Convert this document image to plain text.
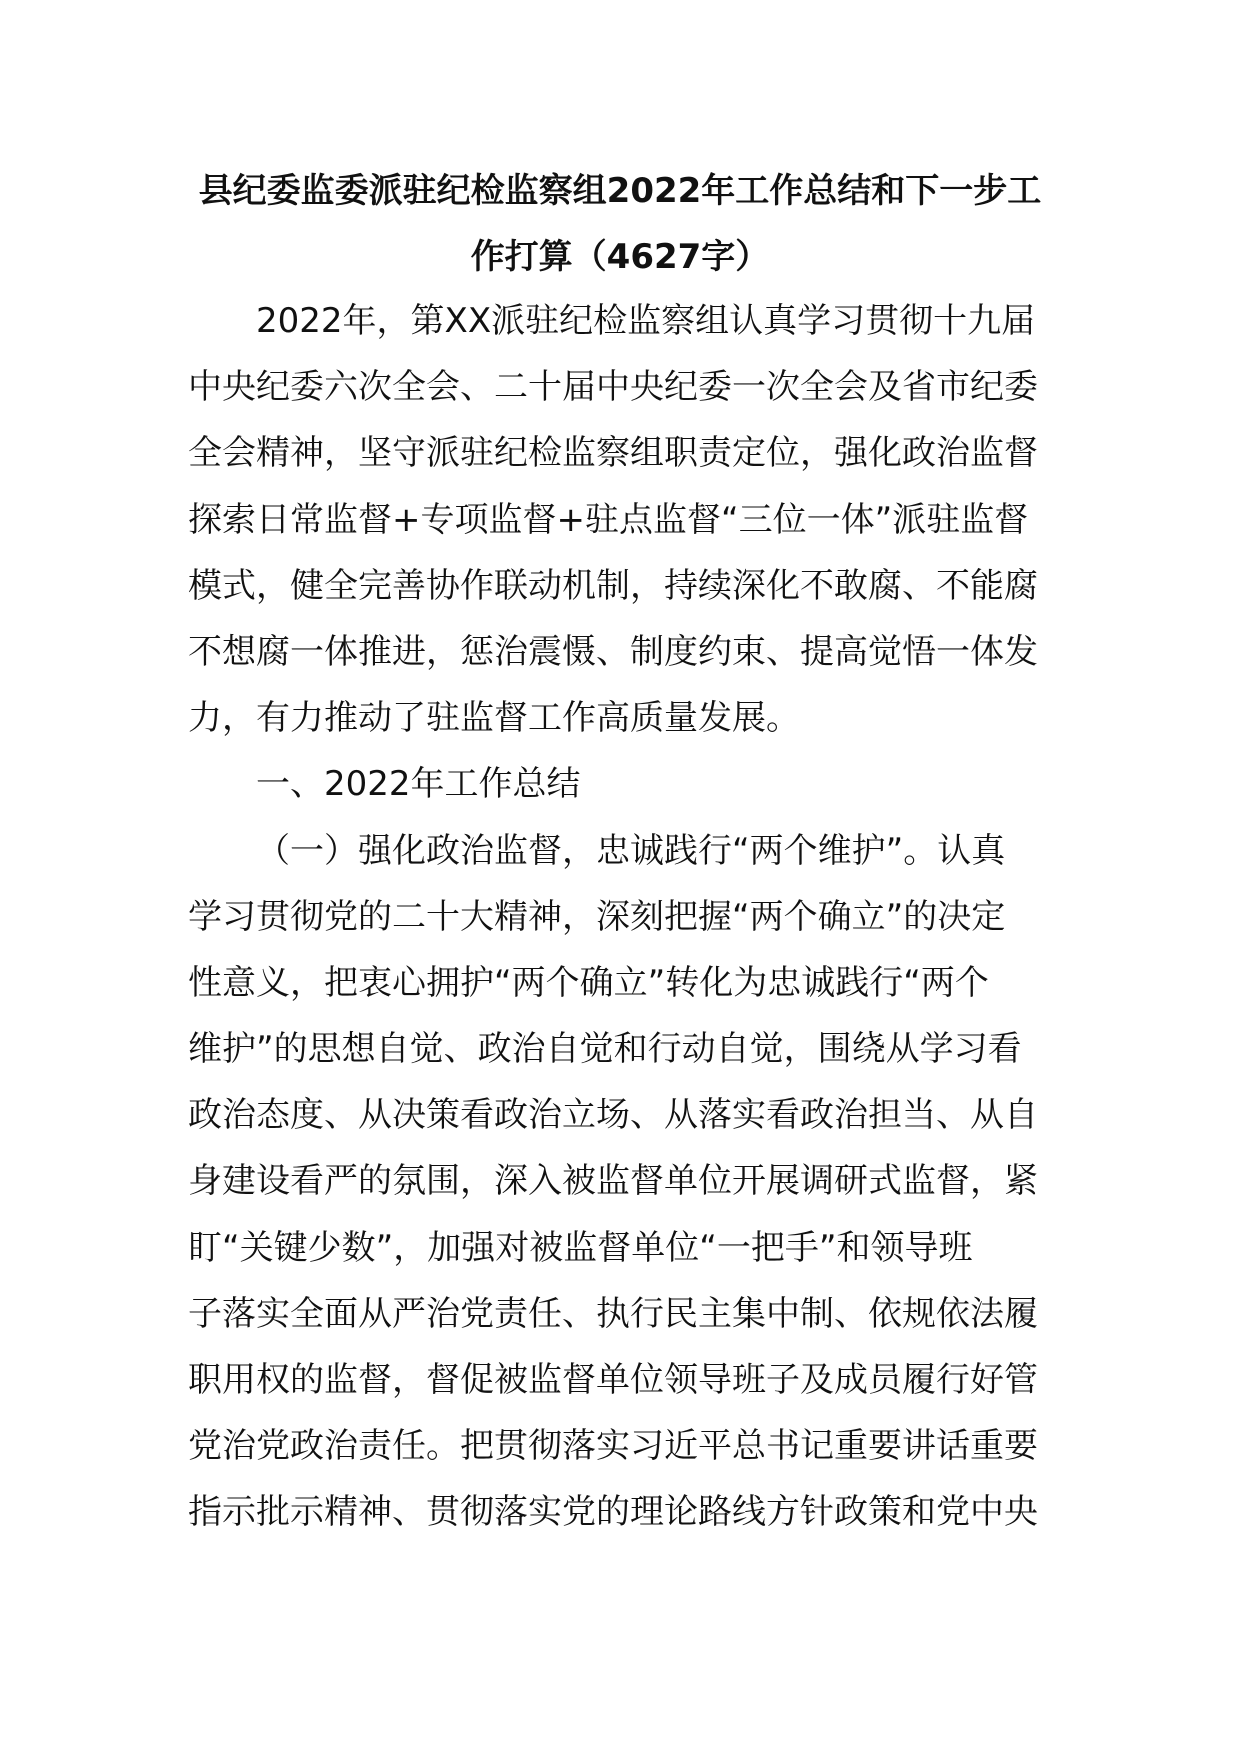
县纪委监委派驻纪检监察组2022年工作总结和下一步工
作打算（4627字）
2022年，第XX派驻纪检监察组认真学习贯彻十九届
中央纪委六次全会、二十届中央纪委一次全会及省市纪委
全会精神，坚守派驻纪检监察组职责定位，强化政治监督
探索日常监督+专项监督+驻点监督“三位一体”派驻监督
模式，健全完善协作联动机制，持续深化不敢腐、不能腐
不想腐一体推进，惩治震慑、制度约束、提高觉悟一体发
力，有力推动了驻监督工作高质量发展。
一、2022年工作总结
（一）强化政治监督，忠诚践行“两个维护”。认真
学习贯彻党的二十大精神，深刻把握“两个确立”的决定
性意义，把衷心拥护“两个确立”转化为忠诚践行“两个
维护”的思想自觉、政治自觉和行动自觉，围绕从学习看
政治态度、从决策看政治立场、从落实看政治担当、从自
身建设看严的氛围，深入被监督单位开展调研式监督，紧
盯“关键少数”，加强对被监督单位“一把手”和领导班
子落实全面从严治党责任、执行民主集中制、依规依法履
职用权的监督，督促被监督单位领导班子及成员履行好管
党治党政治责任。把贯彻落实习近平总书记重要讲话重要
指示批示精神、贯彻落实党的理论路线方针政策和党中央
